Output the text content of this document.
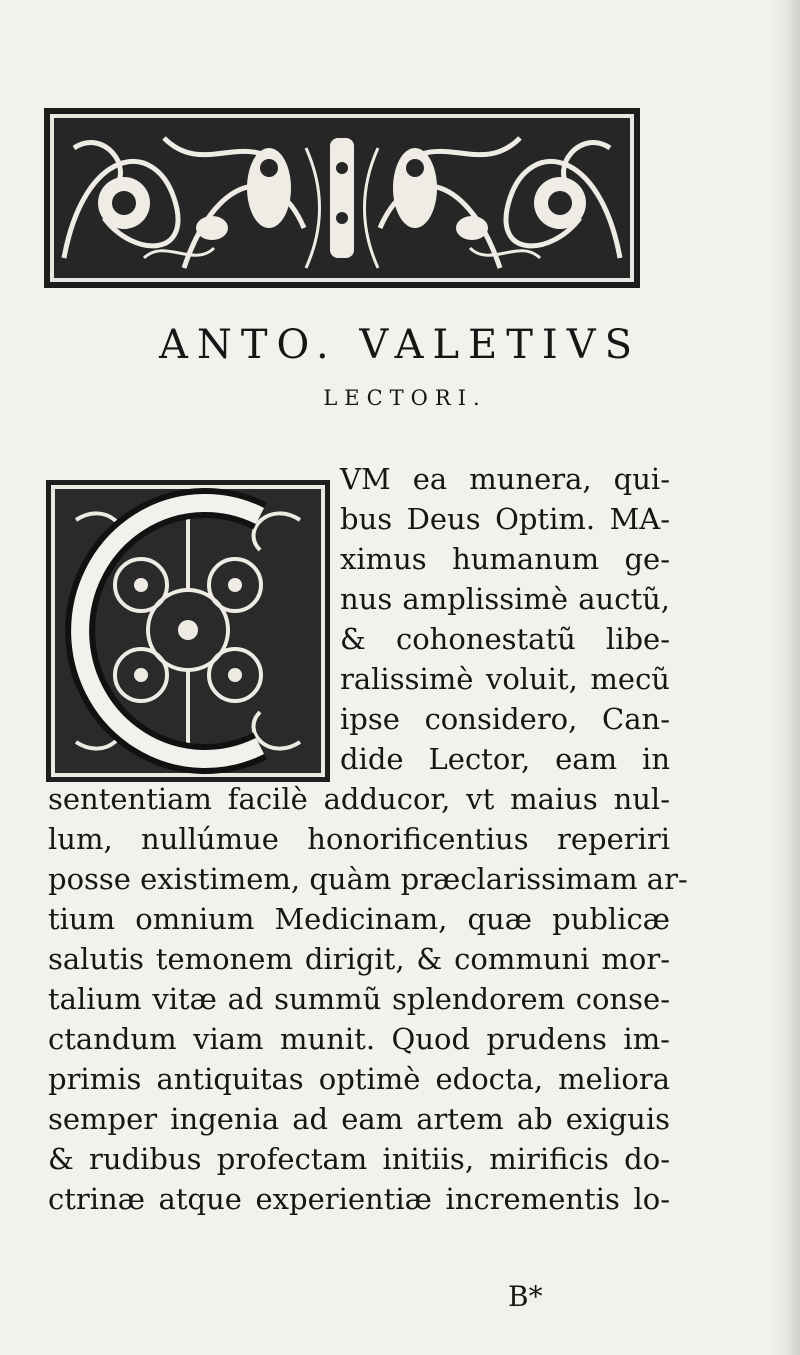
ANTO. VALETIVS
LECTORI.
VM ea munera, qui-
bus Deus Optim. MA-
ximus humanum ge-
nus amplissimè auctũ,
& cohonestatũ libe-
ralissimè voluit, mecũ
ipse considero, Can-
dide Lector, eam in
sententiam facilè adducor, vt maius nul-
lum, nullúmue honorificentius reperiri
posse existimem, quàm præclarissimam ar-
tium omnium Medicinam, quæ publicæ
salutis temonem dirigit, & communi mor-
talium vitæ ad summũ splendorem conse-
ctandum viam munit. Quod prudens im-
primis antiquitas optimè edocta, meliora
semper ingenia ad eam artem ab exiguis
& rudibus profectam initiis, mirificis do-
ctrinæ atque experientiæ incrementis lo-
B*
